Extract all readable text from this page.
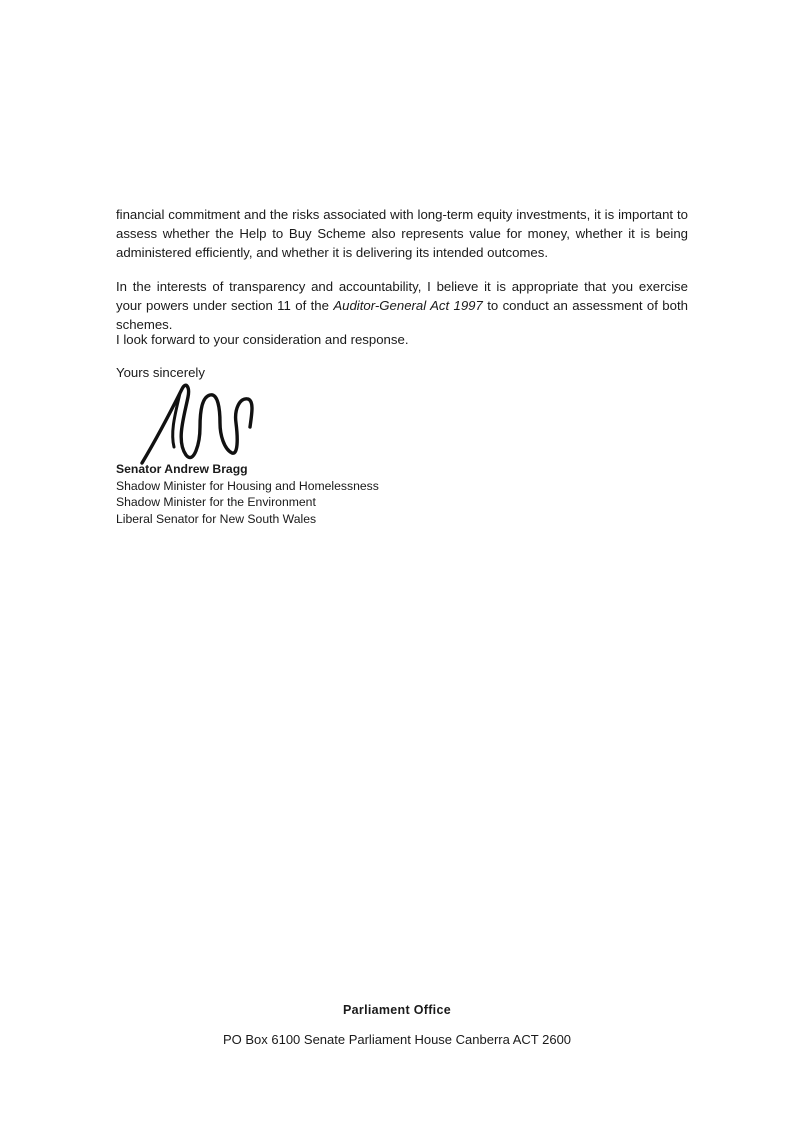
financial commitment and the risks associated with long-term equity investments, it is important to assess whether the Help to Buy Scheme also represents value for money, whether it is being administered efficiently, and whether it is delivering its intended outcomes.

In the interests of transparency and accountability, I believe it is appropriate that you exercise your powers under section 11 of the Auditor-General Act 1997 to conduct an assessment of both schemes.

I look forward to your consideration and response.

Yours sincerely

Senator Andrew Bragg
Shadow Minister for Housing and Homelessness
Shadow Minister for the Environment
Liberal Senator for New South Wales
Parliament Office
PO Box 6100 Senate Parliament House Canberra ACT 2600
